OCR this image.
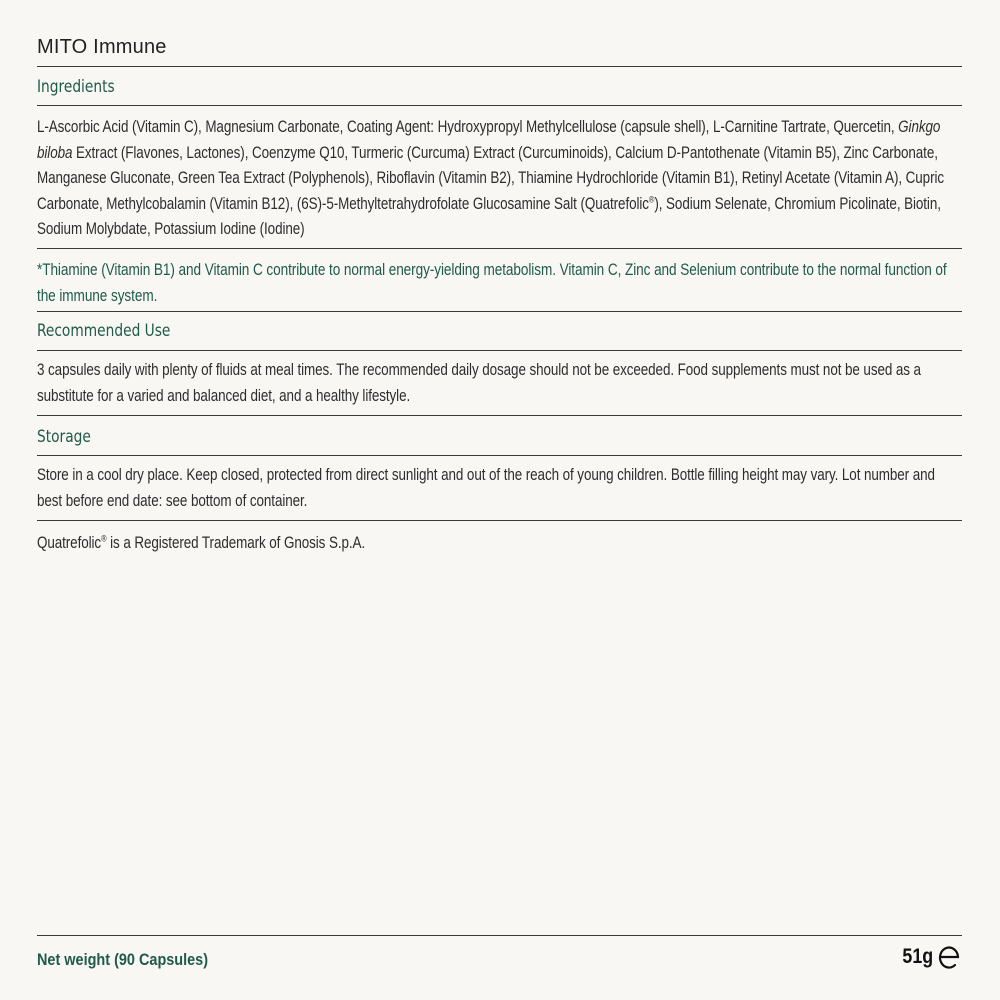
MITO Immune
Ingredients
L-Ascorbic Acid (Vitamin C), Magnesium Carbonate, Coating Agent: Hydroxypropyl Methylcellulose (capsule shell), L-Carnitine Tartrate, Quercetin, Ginkgo biloba Extract (Flavones, Lactones), Coenzyme Q10, Turmeric (Curcuma) Extract (Curcuminoids), Calcium D-Pantothenate (Vitamin B5), Zinc Carbonate, Manganese Gluconate, Green Tea Extract (Polyphenols), Riboflavin (Vitamin B2), Thiamine Hydrochloride (Vitamin B1), Retinyl Acetate (Vitamin A), Cupric Carbonate, Methylcobalamin (Vitamin B12), (6S)-5-Methyltetrahydrofolate Glucosamine Salt (Quatrefolic®), Sodium Selenate, Chromium Picolinate, Biotin, Sodium Molybdate, Potassium Iodine (Iodine)
*Thiamine (Vitamin B1) and Vitamin C contribute to normal energy-yielding metabolism. Vitamin C, Zinc and Selenium contribute to the normal function of the immune system.
Recommended Use
3 capsules daily with plenty of fluids at meal times. The recommended daily dosage should not be exceeded. Food supplements must not be used as a substitute for a varied and balanced diet, and a healthy lifestyle.
Storage
Store in a cool dry place. Keep closed, protected from direct sunlight and out of the reach of young children. Bottle filling height may vary. Lot number and best before end date: see bottom of container.
Quatrefolic® is a Registered Trademark of Gnosis S.p.A.
Net weight (90 Capsules)	51g
